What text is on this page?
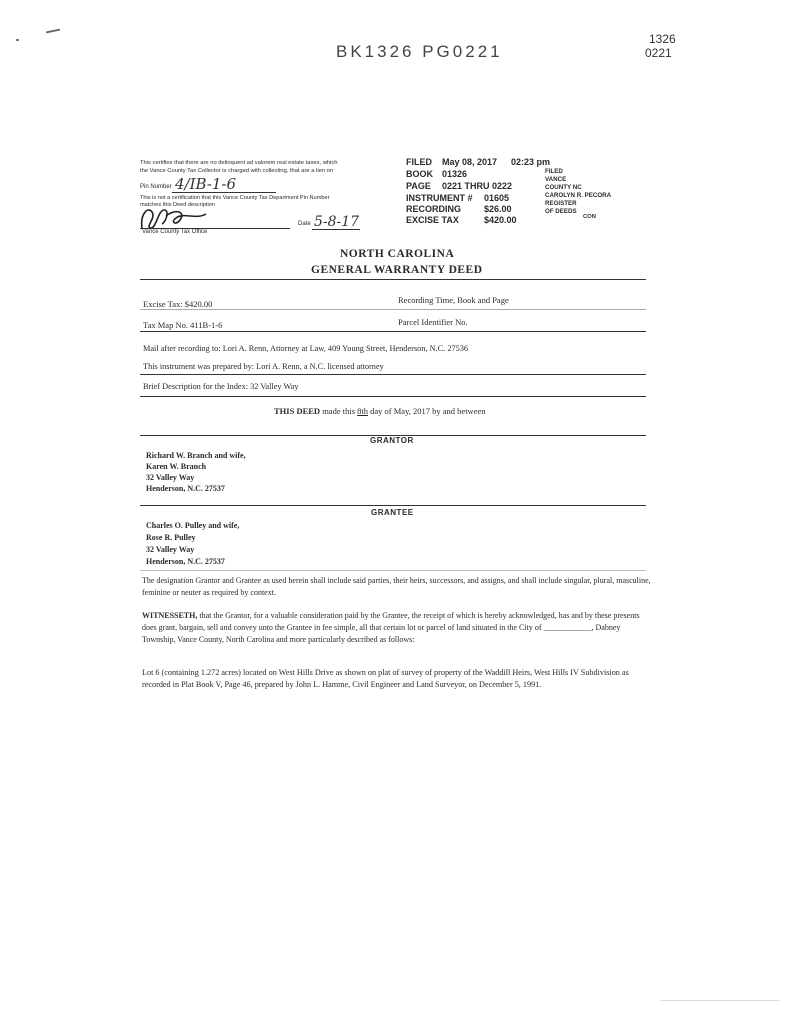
1326
0221
BK1326 PG0221
This certifies that there are no delinquent ad valorem real estate taxes, which
the Vance County Tax Collector is charged with collecting, that are a lien on
Pin Number 4/IB-1-6
This is not a certification that this Vance County Tax Department Pin Number
matches this Deed description
Vance County Tax Office
Date 5-8-17
FILED May 08, 2017 02:23 pm
BOOK 01326
PAGE 0221 THRU 0222
INSTRUMENT # 01605
RECORDING	$26.00
EXCISE TAX	$420.00
FILED
VANCE
COUNTY NC
CAROLYN R. PECORA
REGISTER
OF DEEDS
CON
NORTH CAROLINA
GENERAL WARRANTY DEED
Excise Tax: $420.00	Recording Time, Book and Page
Tax Map No. 411B-1-6	Parcel Identifier No.
Mail after recording to: Lori A. Renn, Attorney at Law, 409 Young Street, Henderson, N.C. 27536
This instrument was prepared by: Lori A. Renn, a N.C. licensed attorney
Brief Description for the Index: 32 Valley Way
THIS DEED made this 8th day of May, 2017 by and between
GRANTOR
Richard W. Branch and wife,
Karen W. Branch
32 Valley Way
Henderson, N.C. 27537
GRANTEE
Charles O. Pulley and wife,
Rose R. Pulley
32 Valley Way
Henderson, N.C. 27537
The designation Grantor and Grantee as used herein shall include said parties, their heirs, successors, and assigns, and shall include singular, plural, masculine, feminine or neuter as required by context.
WITNESSETH, that the Grantor, for a valuable consideration paid by the Grantee, the receipt of which is hereby acknowledged, has and by these presents does grant, bargain, sell and convey unto the Grantee in fee simple, all that certain lot or parcel of land situated in the City of ____________, Dabney Township, Vance County, North Carolina and more particularly described as follows:
Lot 6 (containing 1.272 acres) located on West Hills Drive as shown on plat of survey of property of the Waddill Heirs, West Hills IV Subdivision as recorded in Plat Book V, Page 46, prepared by John L. Hamme, Civil Engineer and Land Surveyor, on December 5, 1991.
